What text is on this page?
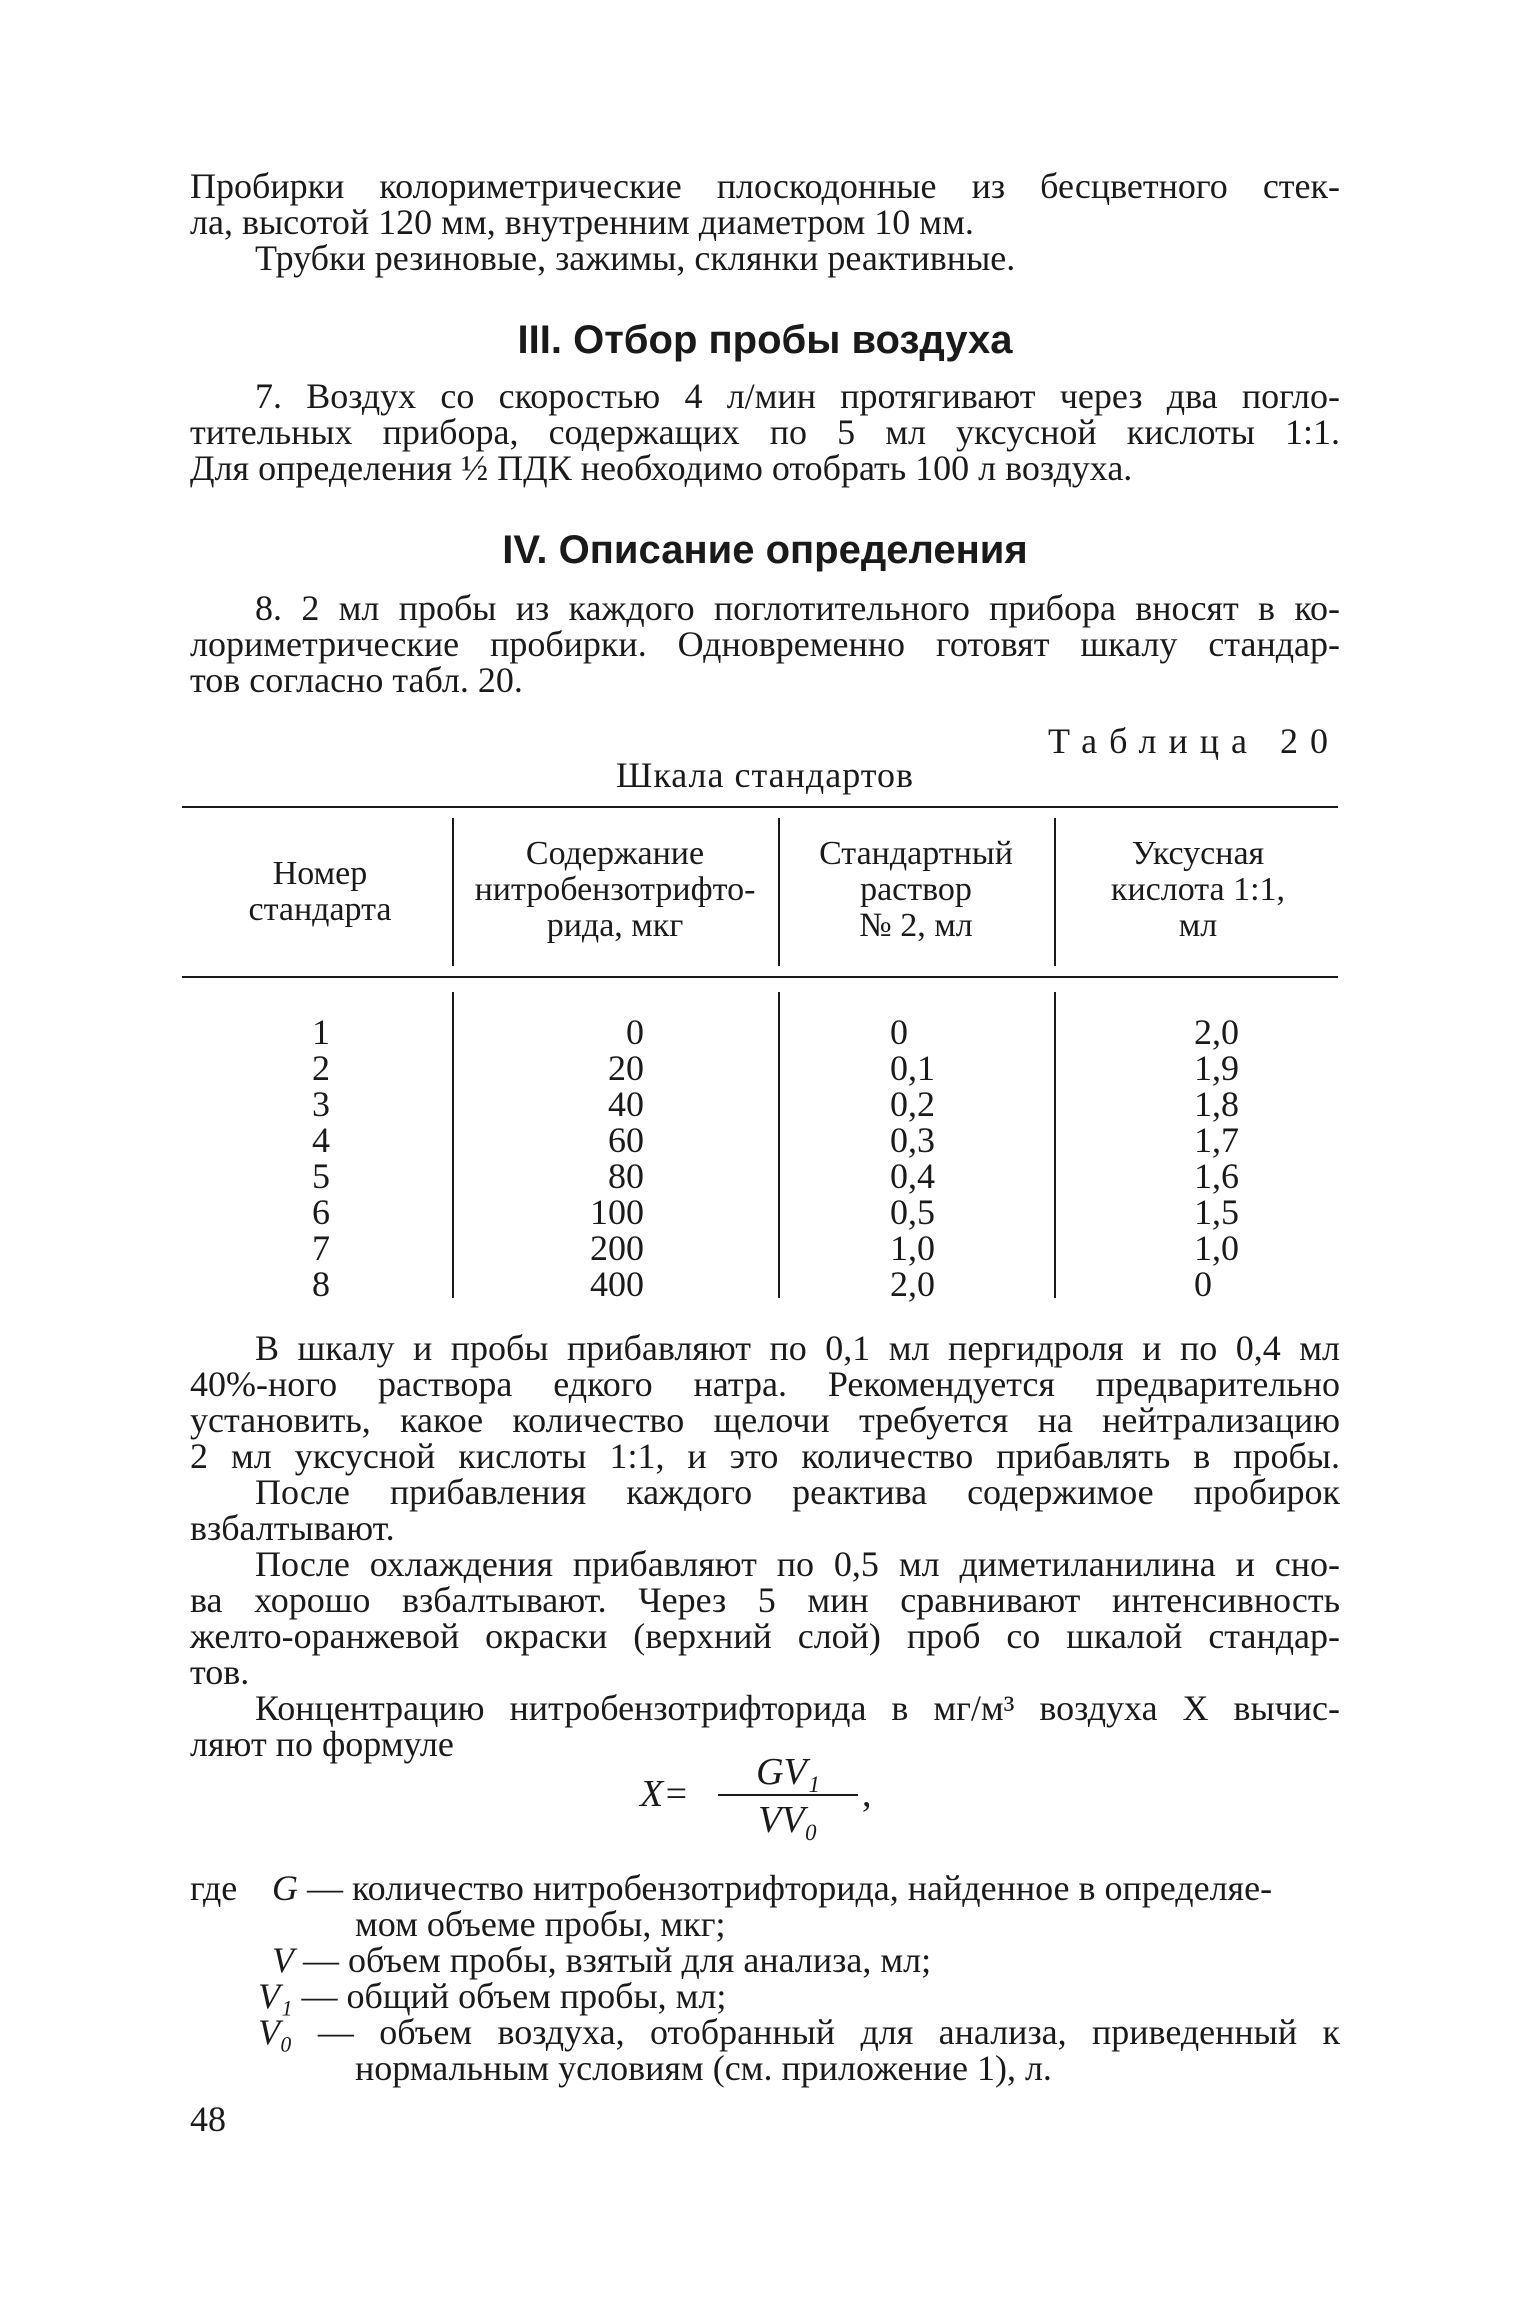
Пробирки колориметрические плоскодонные из бесцветного стек-
ла, высотой 120 мм, внутренним диаметром 10 мм.
Трубки резиновые, зажимы, склянки реактивные.
III. Отбор пробы воздуха
7. Воздух со скоростью 4 л/мин протягивают через два погло-
тительных прибора, содержащих по 5 мл уксусной кислоты 1:1.
Для определения ½ ПДК необходимо отобрать 100 л воздуха.
IV. Описание определения
8. 2 мл пробы из каждого поглотительного прибора вносят в ко-
лориметрические пробирки. Одновременно готовят шкалу стандар-
тов согласно табл. 20.
Таблица 20
Шкала стандартов
Номер
стандарта
Содержание
нитробензотрифто-
рида, мкг
Стандартный
раствор
№ 2, мл
Уксусная
кислота 1:1,
мл
1
2
3
4
5
6
7
8
0
20
40
60
80
100
200
400
0
0,1
0,2
0,3
0,4
0,5
1,0
2,0
2,0
1,9
1,8
1,7
1,6
1,5
1,0
0
В шкалу и пробы прибавляют по 0,1 мл пергидроля и по 0,4 мл
40%-ного раствора едкого натра. Рекомендуется предварительно
установить, какое количество щелочи требуется на нейтрализацию
2 мл уксусной кислоты 1:1, и это количество прибавлять в пробы.
После прибавления каждого реактива содержимое пробирок
взбалтывают.
После охлаждения прибавляют по 0,5 мл диметиланилина и сно-
ва хорошо взбалтывают. Через 5 мин сравнивают интенсивность
желто-оранжевой окраски (верхний слой) проб со шкалой стандар-
тов.
Концентрацию нитробензотрифторида в мг/м³ воздуха X вычис-
ляют по формуле
X=
GV₁
VV₀
,
где G — количество нитробензотрифторида, найденное в определяе-
мом объеме пробы, мкг;
V — объем пробы, взятый для анализа, мл;
V₁ — общий объем пробы, мл;
V₀ — объем воздуха, отобранный для анализа, приведенный к
нормальным условиям (см. приложение 1), л.
48
